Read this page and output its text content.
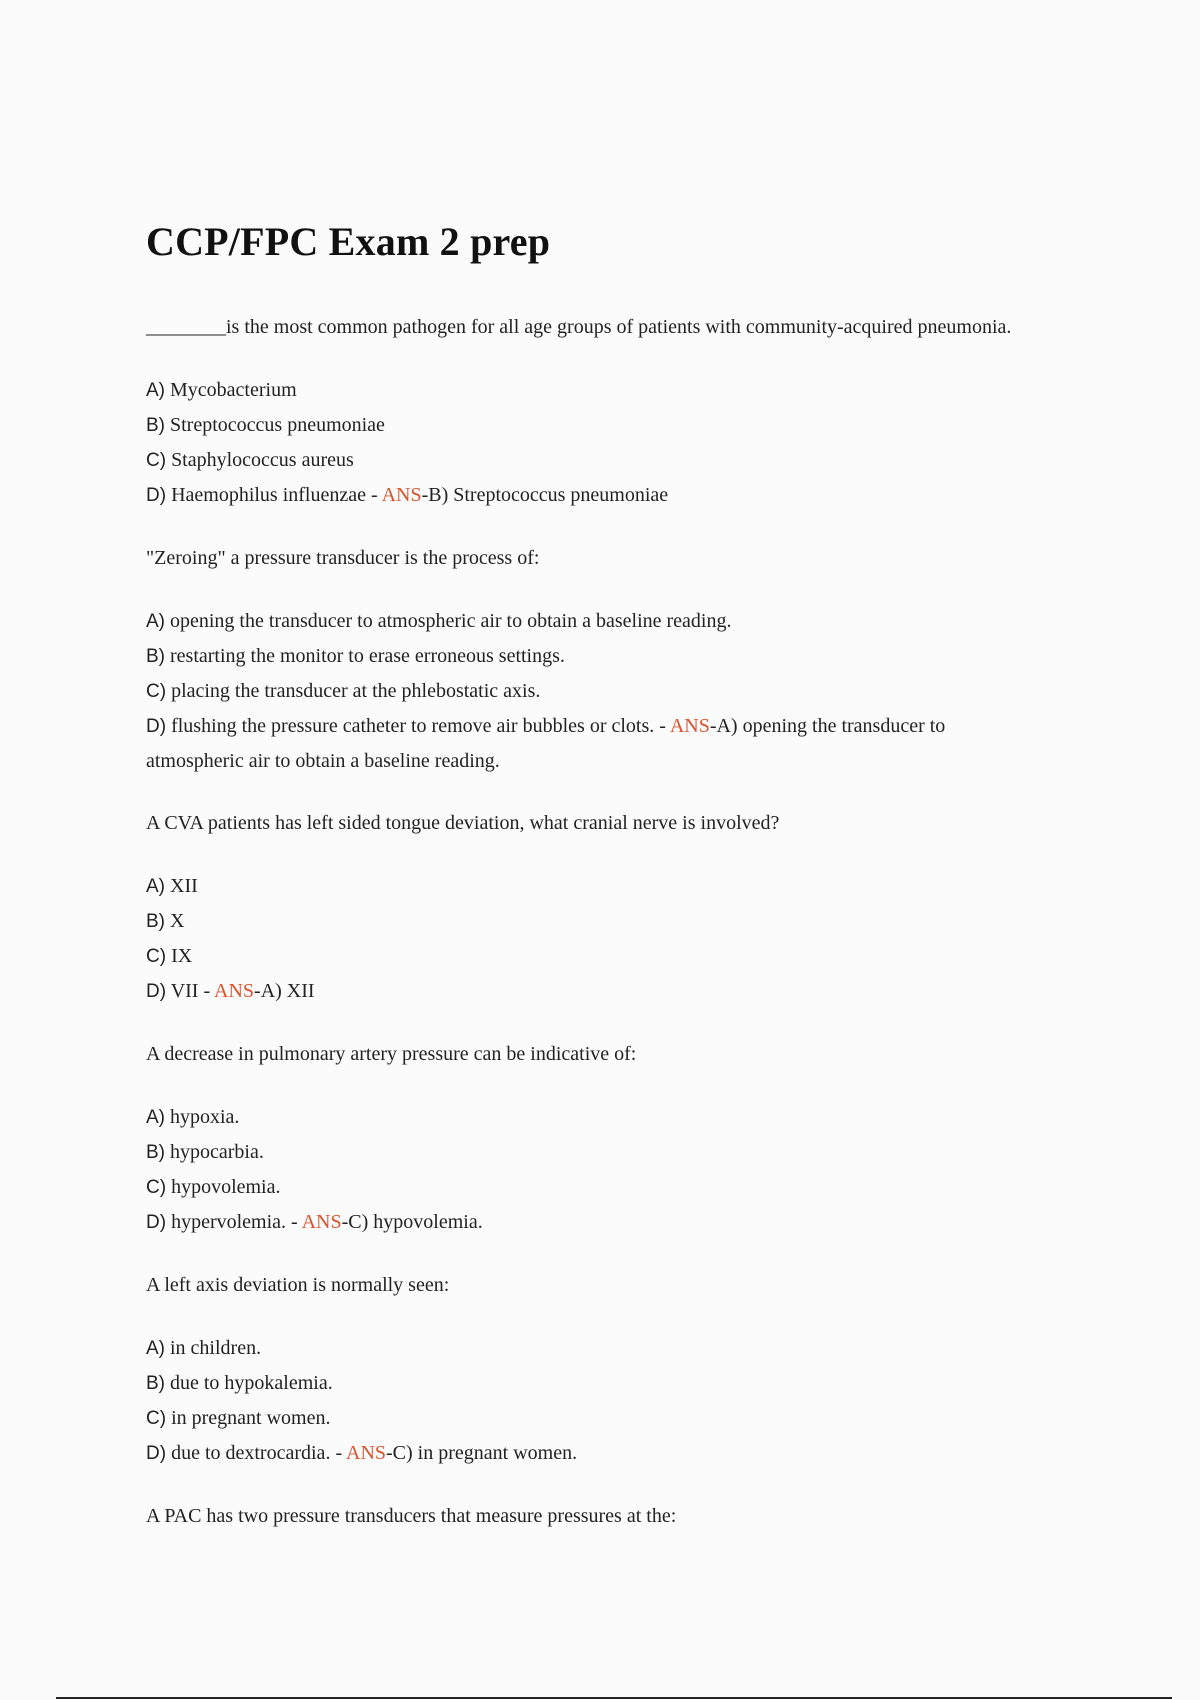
CCP/FPC Exam 2 prep

________is the most common pathogen for all age groups of patients with community-acquired pneumonia.

A) Mycobacterium
B) Streptococcus pneumoniae
C) Staphylococcus aureus
D) Haemophilus influenzae - ANS-B) Streptococcus pneumoniae

"Zeroing" a pressure transducer is the process of:

A) opening the transducer to atmospheric air to obtain a baseline reading.
B) restarting the monitor to erase erroneous settings.
C) placing the transducer at the phlebostatic axis.
D) flushing the pressure catheter to remove air bubbles or clots. - ANS-A) opening the transducer to atmospheric air to obtain a baseline reading.

A CVA patients has left sided tongue deviation, what cranial nerve is involved?

A) XII
B) X
C) IX
D) VII - ANS-A) XII

A decrease in pulmonary artery pressure can be indicative of:

A) hypoxia.
B) hypocarbia.
C) hypovolemia.
D) hypervolemia. - ANS-C) hypovolemia.

A left axis deviation is normally seen:

A) in children.
B) due to hypokalemia.
C) in pregnant women.
D) due to dextrocardia. - ANS-C) in pregnant women.

A PAC has two pressure transducers that measure pressures at the:
